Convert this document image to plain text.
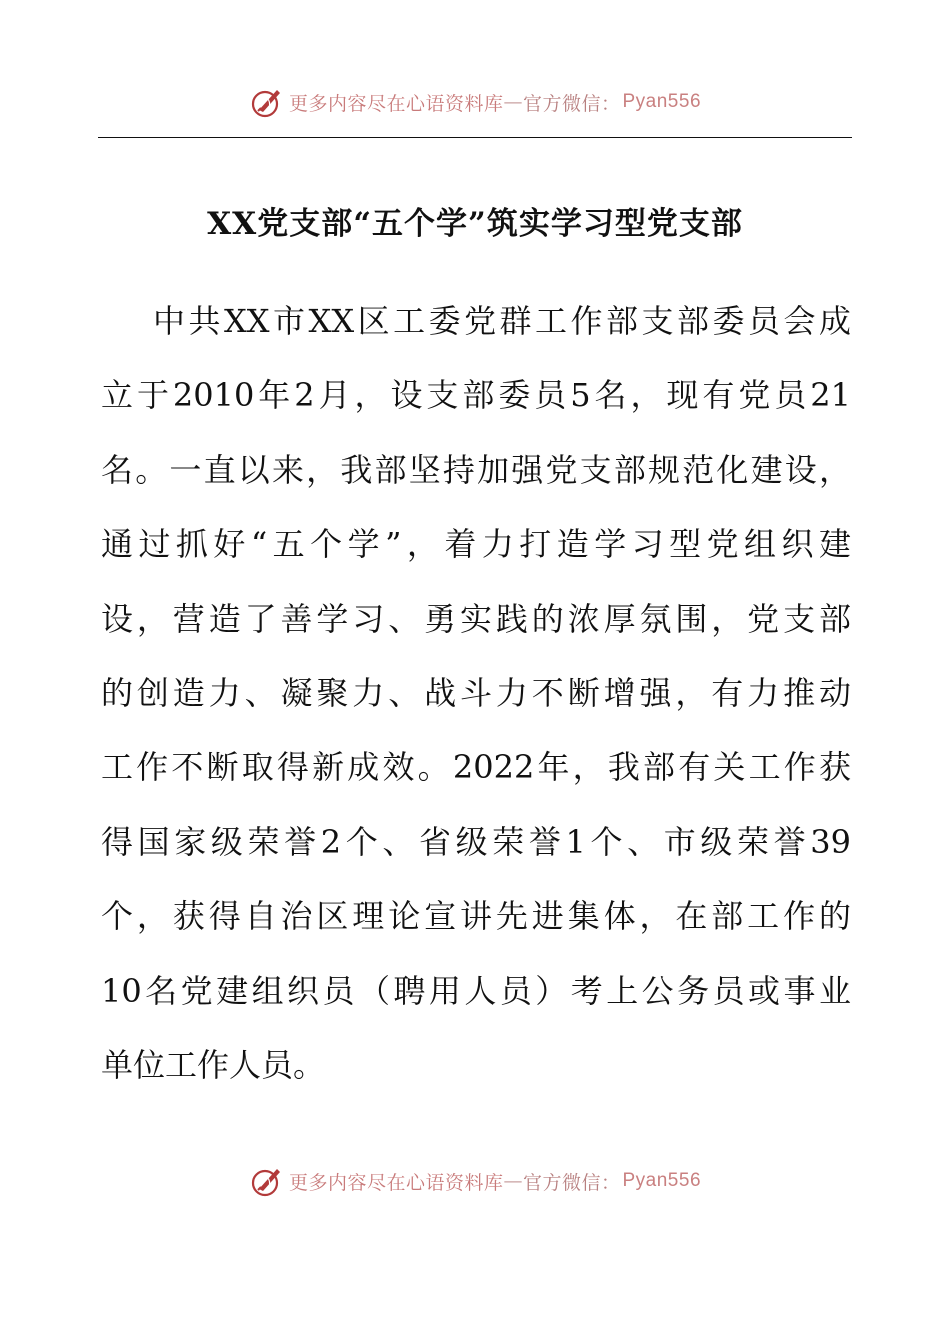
更多内容尽在心语资料库 — 官方微信： Pyan556
XX党支部“五个学”筑实学习型党支部
中共XX市XX区工委党群工作部支部委员会成
立于2010年2月，设支部委员5名，现有党员21
名。一直以来，我部坚持加强党支部规范化建设，
通过抓好“五个学”，着力打造学习型党组织建
设，营造了善学习、勇实践的浓厚氛围，党支部
的创造力、凝聚力、战斗力不断增强，有力推动
工作不断取得新成效。2022年，我部有关工作获
得国家级荣誉2个、省级荣誉1个、市级荣誉39
个，获得自治区理论宣讲先进集体，在部工作的
10名党建组织员（聘用人员）考上公务员或事业
单位工作人员。
更多内容尽在心语资料库 — 官方微信： Pyan556
